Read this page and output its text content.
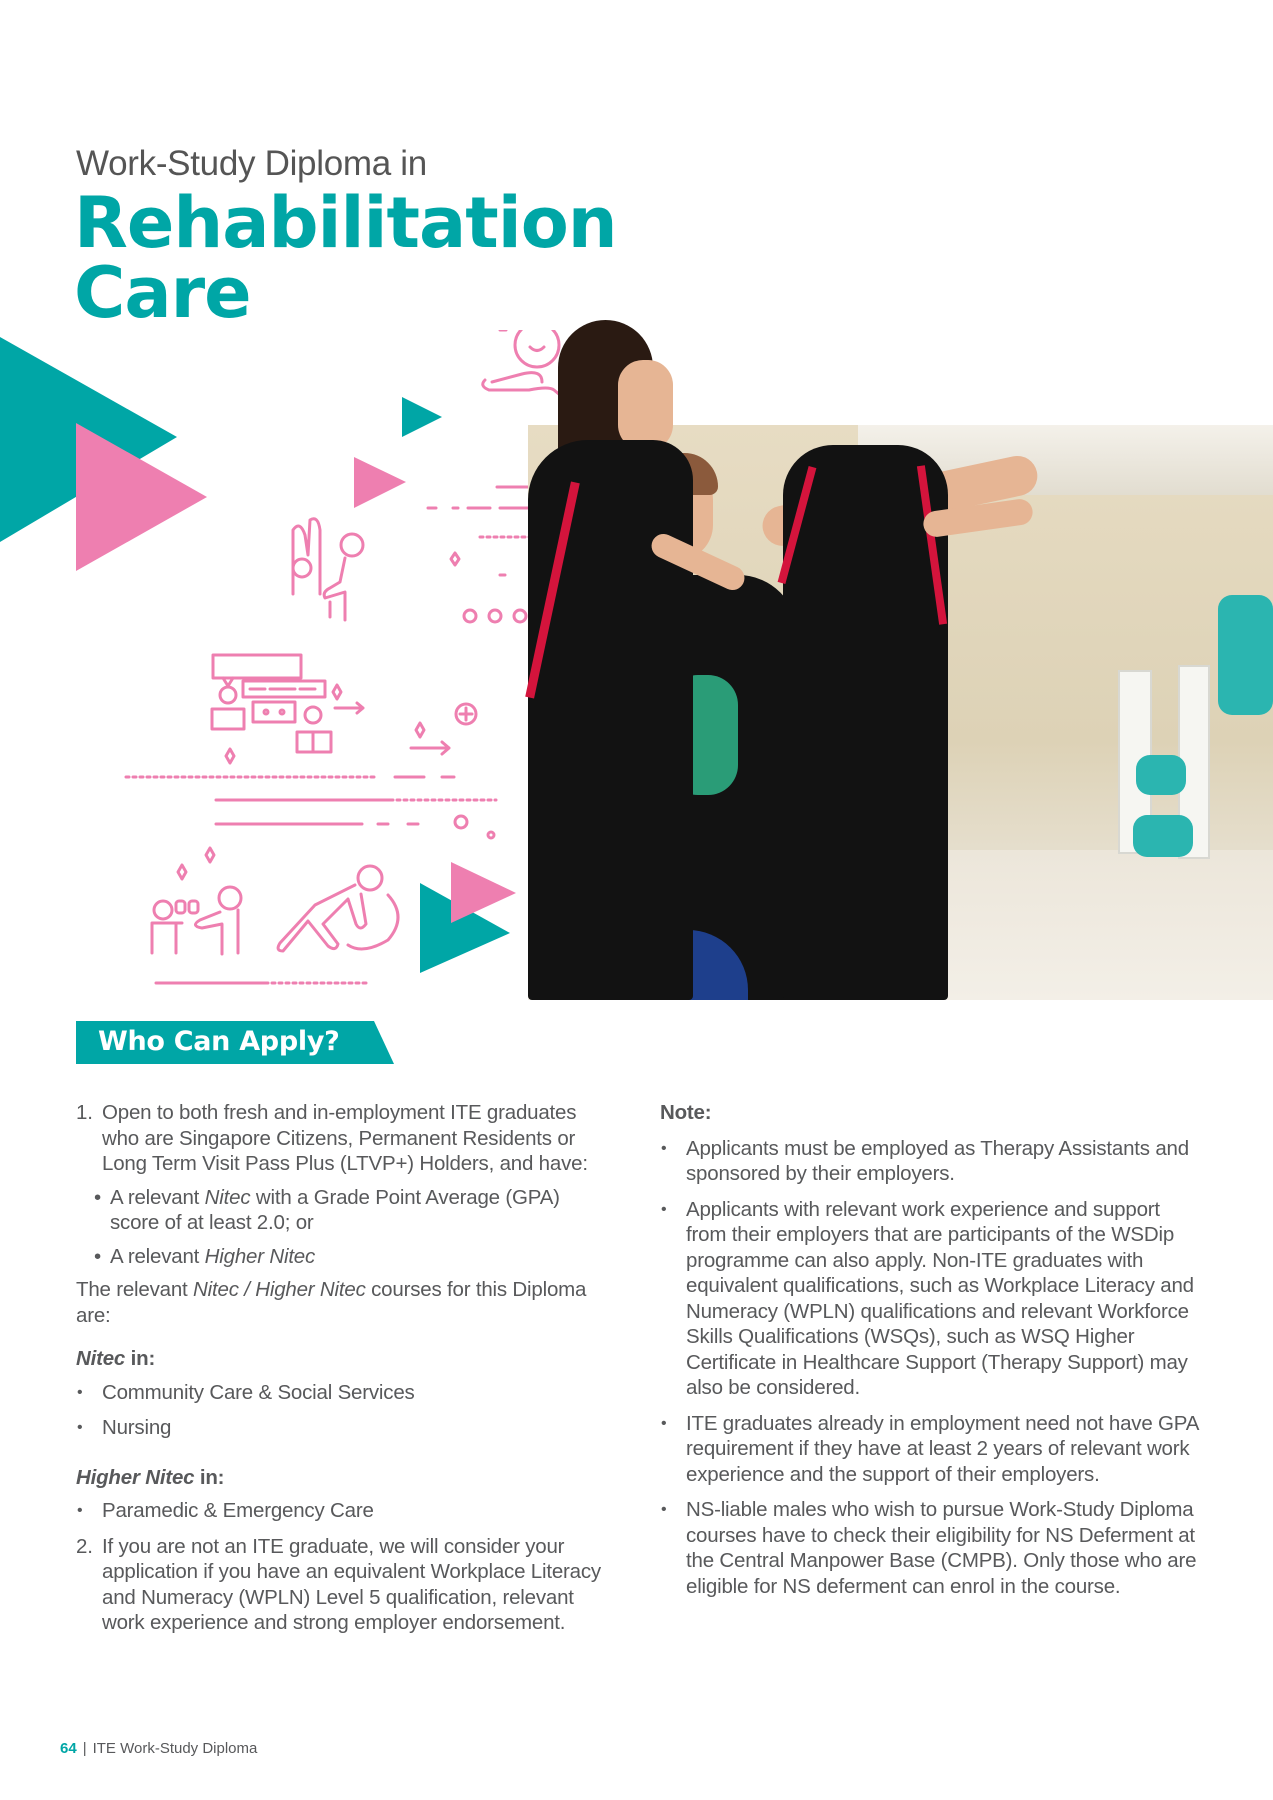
Work-Study Diploma in
Rehabilitation
Care
Who Can Apply?
1. Open to both fresh and in-employment ITE graduates who are Singapore Citizens, Permanent Residents or Long Term Visit Pass Plus (LTVP+) Holders, and have:
• A relevant Nitec with a Grade Point Average (GPA) score of at least 2.0; or
• A relevant Higher Nitec
The relevant Nitec / Higher Nitec courses for this Diploma are:
Nitec in:
• Community Care & Social Services
• Nursing
Higher Nitec in:
• Paramedic & Emergency Care
2. If you are not an ITE graduate, we will consider your application if you have an equivalent Workplace Literacy and Numeracy (WPLN) Level 5 qualification, relevant work experience and strong employer endorsement.
Note:
• Applicants must be employed as Therapy Assistants and sponsored by their employers.
• Applicants with relevant work experience and support from their employers that are participants of the WSDip programme can also apply. Non-ITE graduates with equivalent qualifications, such as Workplace Literacy and Numeracy (WPLN) qualifications and relevant Workforce Skills Qualifications (WSQs), such as WSQ Higher Certificate in Healthcare Support (Therapy Support) may also be considered.
• ITE graduates already in employment need not have GPA requirement if they have at least 2 years of relevant work experience and the support of their employers.
• NS-liable males who wish to pursue Work-Study Diploma courses have to check their eligibility for NS Deferment at the Central Manpower Base (CMPB). Only those who are eligible for NS deferment can enrol in the course.
64 | ITE Work-Study Diploma
